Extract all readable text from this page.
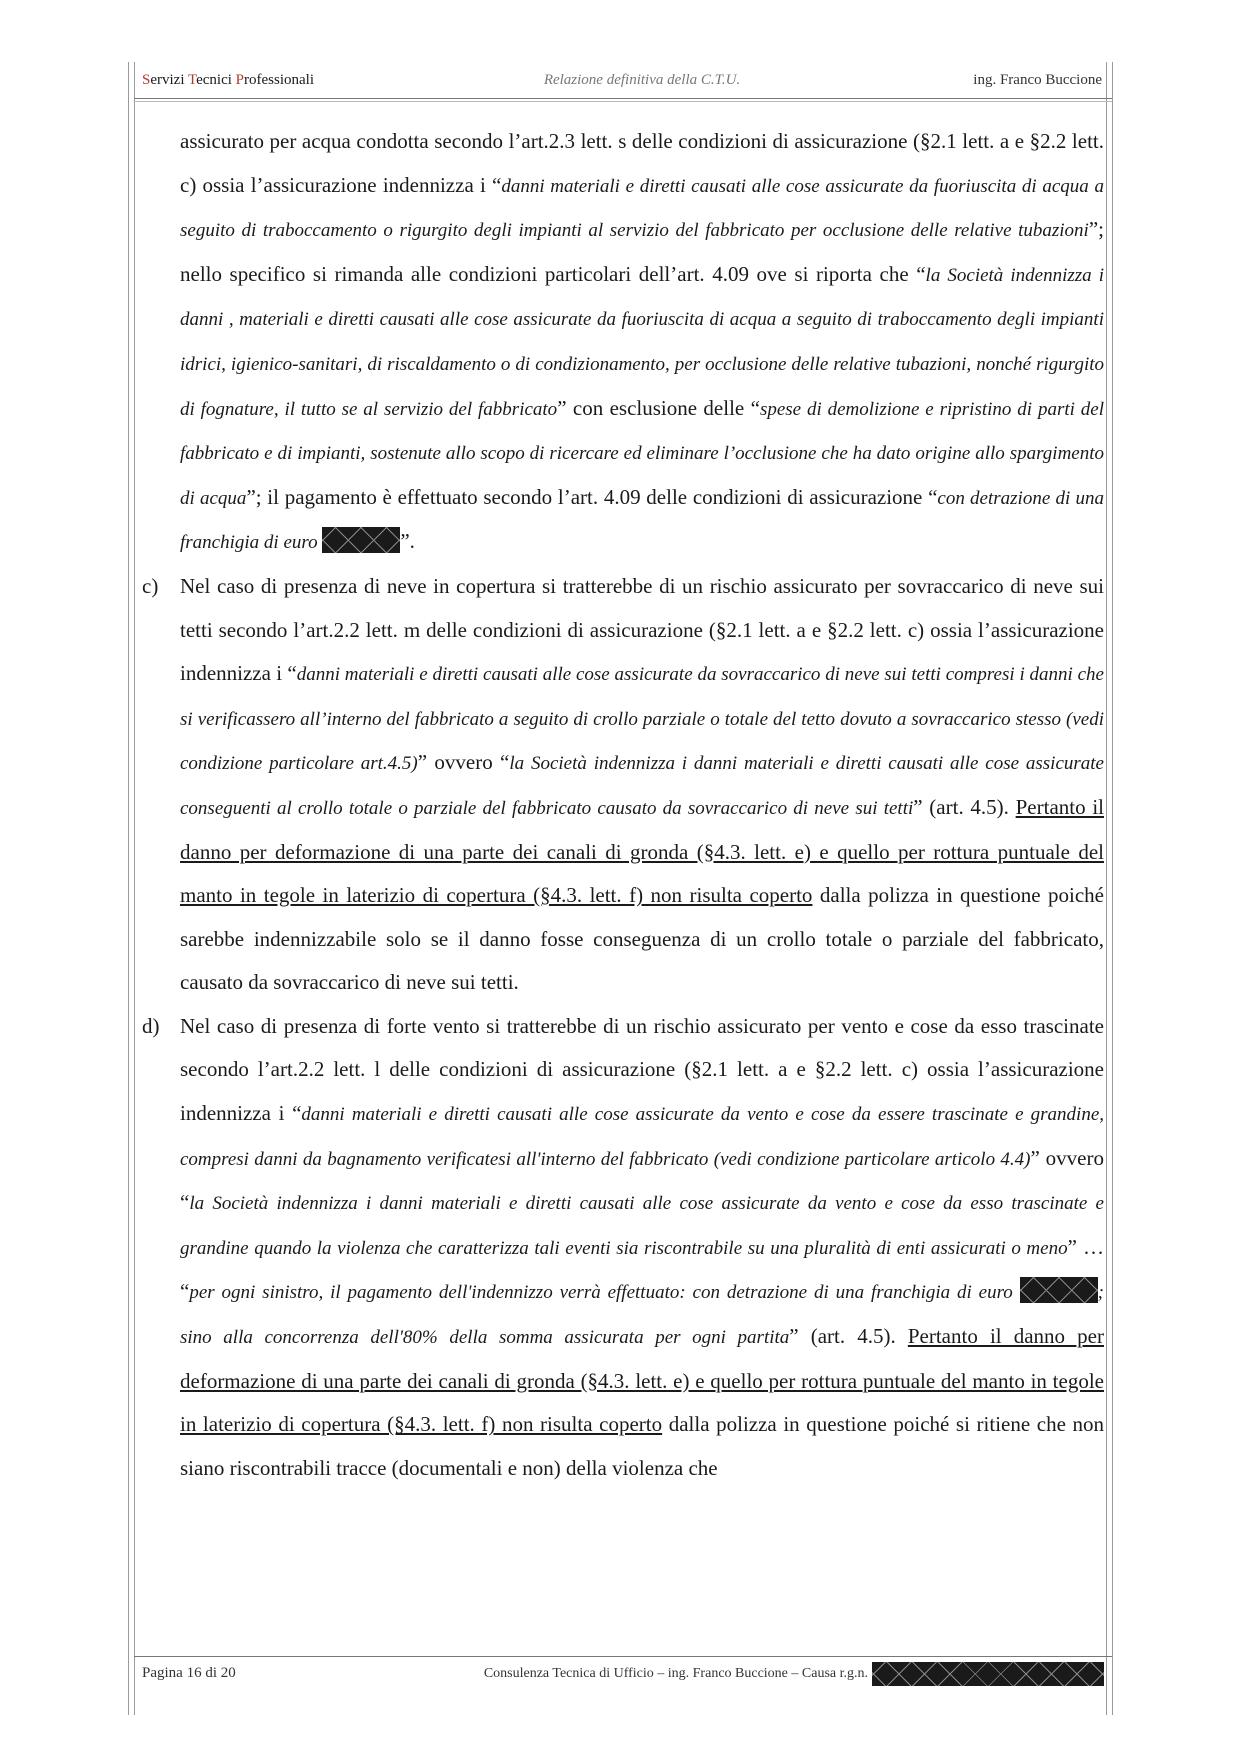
Servizi Tecnici Professionali	Relazione definitiva della C.T.U.	ing. Franco Buccione

assicurato per acqua condotta secondo l’art.2.3 lett. s delle condizioni di assicurazione (§2.1 lett. a e §2.2 lett. c) ossia l’assicurazione indennizza i “danni materiali e diretti causati alle cose assicurate da fuoriuscita di acqua a seguito di traboccamento o rigurgito degli impianti al servizio del fabbricato per occlusione delle relative tubazioni”; nello specifico si rimanda alle condizioni particolari dell’art. 4.09 ove si riporta che “la Società indennizza i danni , materiali e diretti causati alle cose assicurate da fuoriuscita di acqua a seguito di traboccamento degli impianti idrici, igienico-sanitari, di riscaldamento o di condizionamento, per occlusione delle relative tubazioni, nonché rigurgito di fognature, il tutto se al servizio del fabbricato” con esclusione delle “spese di demolizione e ripristino di parti del fabbricato e di impianti, sostenute allo scopo di ricercare ed eliminare l’occlusione che ha dato origine allo spargimento di acqua”; il pagamento è effettuato secondo l’art. 4.09 delle condizioni di assicurazione “con detrazione di una franchigia di euro	”.

c) Nel caso di presenza di neve in copertura si tratterebbe di un rischio assicurato per sovraccarico di neve sui tetti secondo l’art.2.2 lett. m delle condizioni di assicurazione (§2.1 lett. a e §2.2 lett. c) ossia l’assicurazione indennizza i “danni materiali e diretti causati alle cose assicurate da sovraccarico di neve sui tetti compresi i danni che si verificassero all’interno del fabbricato a seguito di crollo parziale o totale del tetto dovuto a sovraccarico stesso (vedi condizione particolare art.4.5)” ovvero “la Società indennizza i danni materiali e diretti causati alle cose assicurate conseguenti al crollo totale o parziale del fabbricato causato da sovraccarico di neve sui tetti” (art. 4.5). Pertanto il danno per deformazione di una parte dei canali di gronda (§4.3. lett. e) e quello per rottura puntuale del manto in tegole in laterizio di copertura (§4.3. lett. f) non risulta coperto dalla polizza in questione poiché sarebbe indennizzabile solo se il danno fosse conseguenza di un crollo totale o parziale del fabbricato, causato da sovraccarico di neve sui tetti.
d) Nel caso di presenza di forte vento si tratterebbe di un rischio assicurato per vento e cose da esso trascinate secondo l’art.2.2 lett. l delle condizioni di assicurazione (§2.1 lett. a e §2.2 lett. c) ossia l’assicurazione indennizza i “danni materiali e diretti causati alle cose assicurate da vento e cose da essere trascinate e grandine, compresi danni da bagnamento verificatesi all'interno del fabbricato (vedi condizione particolare articolo 4.4)” ovvero “la Società indennizza i danni materiali e diretti causati alle cose assicurate da vento e cose da esso trascinate e grandine quando la violenza che caratterizza tali eventi sia riscontrabile su una pluralità di enti assicurati o meno” … “per ogni sinistro, il pagamento dell'indennizzo verrà effettuato: con detrazione di una franchigia di euro	; sino alla concorrenza dell'80% della somma assicurata per ogni partita” (art. 4.5). Pertanto il danno per deformazione di una parte dei canali di gronda (§4.3. lett. e) e quello per rottura puntuale del manto in tegole in laterizio di copertura (§4.3. lett. f) non risulta coperto dalla polizza in questione poiché si ritiene che non siano riscontrabili tracce (documentali e non) della violenza che
Pagina 16 di 20	Consulenza Tecnica di Ufficio – ing. Franco Buccione – Causa r.g.n.
